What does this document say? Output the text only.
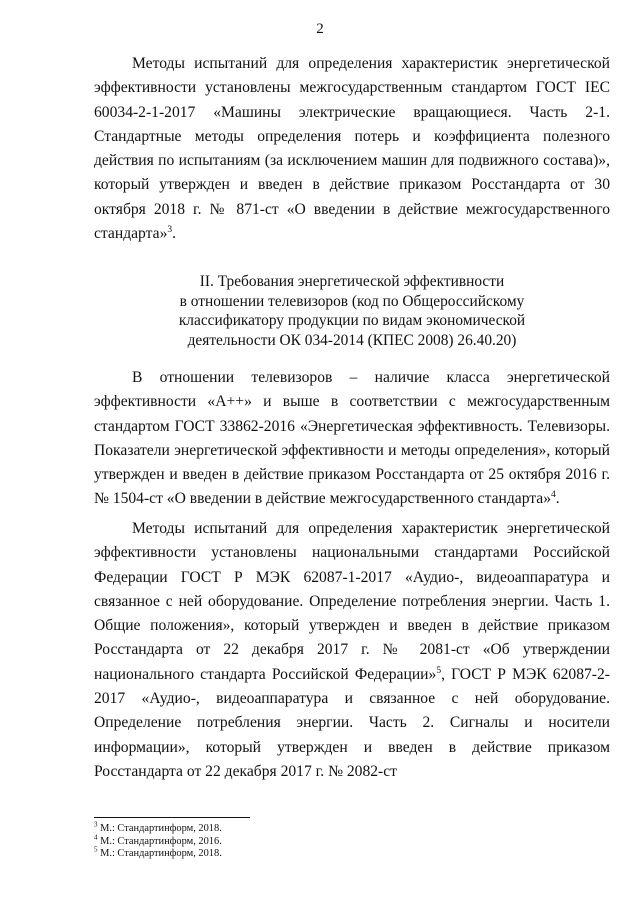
2

Методы испытаний для определения характеристик энергетической эффективности установлены межгосударственным стандартом ГОСТ IEC 60034-2-1-2017 «Машины электрические вращающиеся. Часть 2-1. Стандартные методы определения потерь и коэффициента полезного действия по испытаниям (за исключением машин для подвижного состава)», который утвержден и введен в действие приказом Росстандарта от 30 октября 2018 г. № 871-ст «О введении в действие межгосударственного стандарта»$^3$.

II. Требования энергетической эффективности
в отношении телевизоров (код по Общероссийскому
классификатору продукции по видам экономической
деятельности ОК 034-2014 (КПЕС 2008) 26.40.20)

В отношении телевизоров – наличие класса энергетической эффективности «А++» и выше в соответствии с межгосударственным стандартом ГОСТ 33862-2016 «Энергетическая эффективность. Телевизоры. Показатели энергетической эффективности и методы определения», который утвержден и введен в действие приказом Росстандарта от 25 октября 2016 г. № 1504-ст «О введении в действие межгосударственного стандарта»$^4$.

Методы испытаний для определения характеристик энергетической эффективности установлены национальными стандартами Российской Федерации ГОСТ Р МЭК 62087-1-2017 «Аудио-, видеоаппаратура и связанное с ней оборудование. Определение потребления энергии. Часть 1. Общие положения», который утвержден и введен в действие приказом Росстандарта от 22 декабря 2017 г. № 2081-ст «Об утверждении национального стандарта Российской Федерации»$^5$, ГОСТ Р МЭК 62087-2-2017 «Аудио-, видеоаппаратура и связанное с ней оборудование. Определение потребления энергии. Часть 2. Сигналы и носители информации», который утвержден и введен в действие приказом Росстандарта от 22 декабря 2017 г. № 2082-ст

$^3$ М.: Стандартинформ, 2018.
$^4$ М.: Стандартинформ, 2016.
$^5$ М.: Стандартинформ, 2018.
